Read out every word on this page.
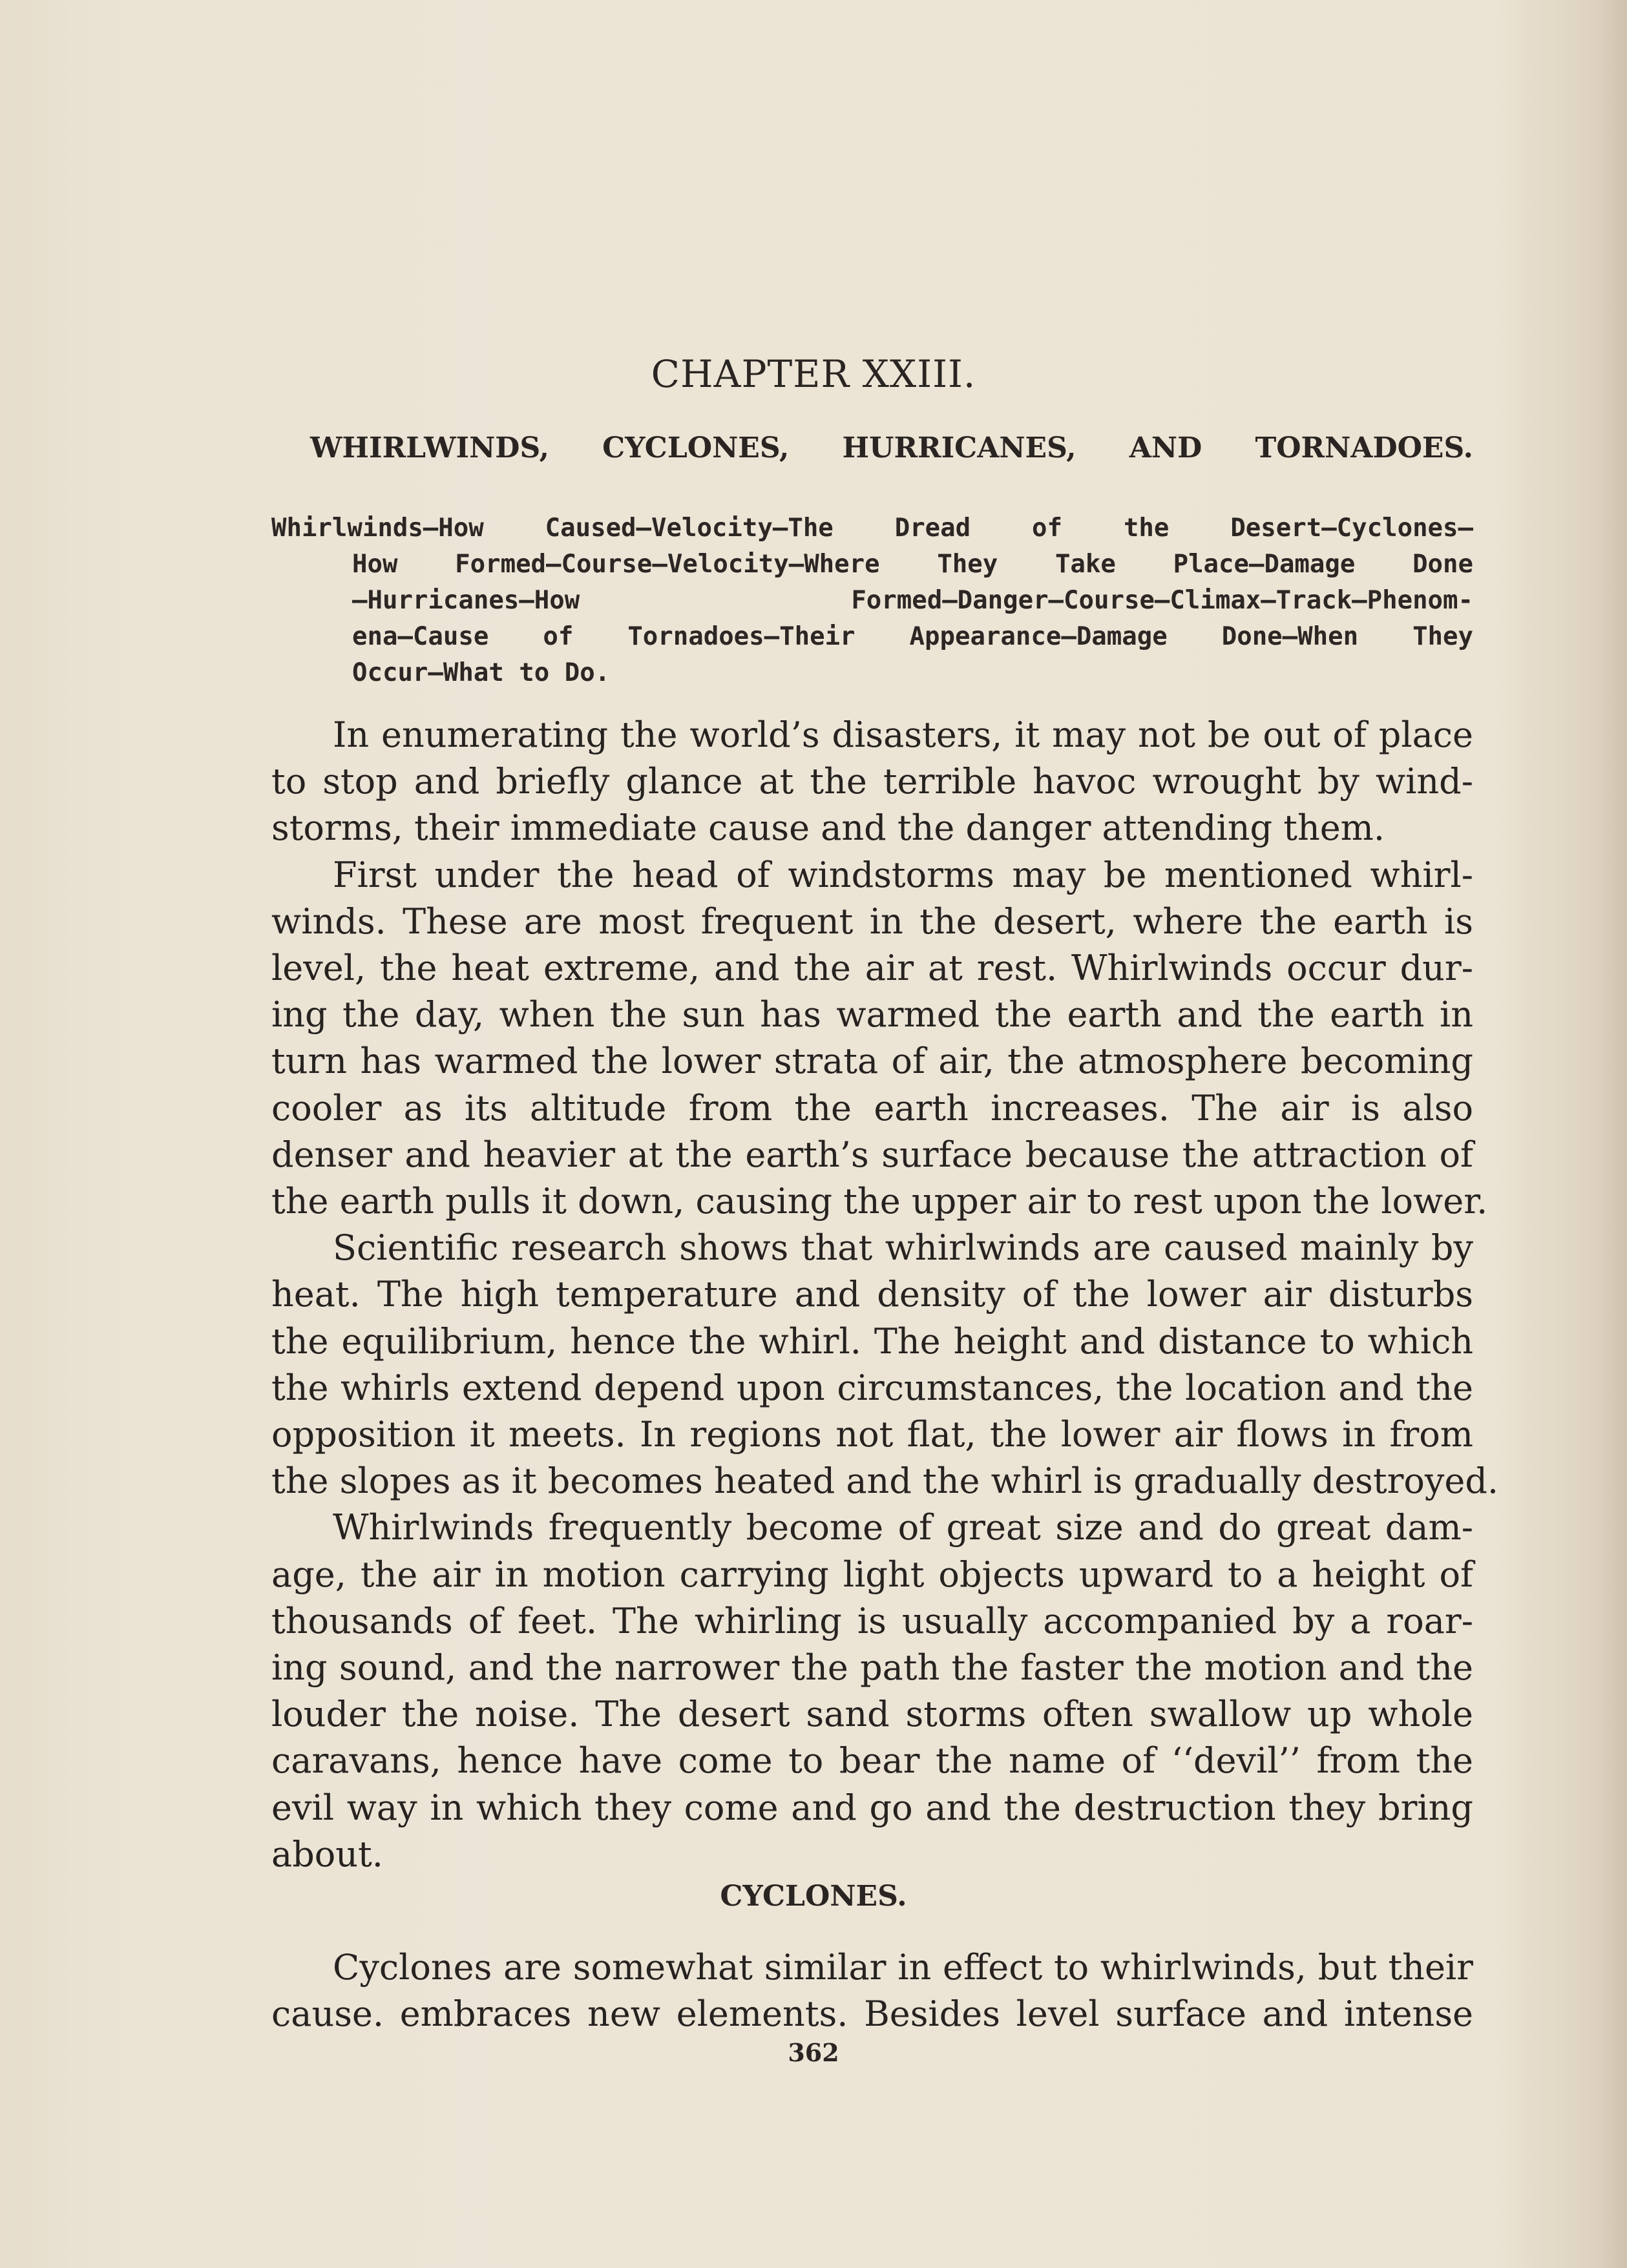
CHAPTER XXIII.
WHIRLWINDS, CYCLONES, HURRICANES, AND TORNADOES.
Whirlwinds—How Caused—Velocity—The Dread of the Desert—Cyclones—
How Formed—Course—Velocity—Where They Take Place—Damage Done
—Hurricanes—How Formed—Danger—Course—Climax—Track—Phenom-
ena—Cause of Tornadoes—Their Appearance—Damage Done—When They
Occur—What to Do.
In enumerating the world’s disasters, it may not be out of place
to stop and briefly glance at the terrible havoc wrought by wind-
storms, their immediate cause and the danger attending them.
First under the head of windstorms may be mentioned whirl-
winds. These are most frequent in the desert, where the earth is
level, the heat extreme, and the air at rest. Whirlwinds occur dur-
ing the day, when the sun has warmed the earth and the earth in
turn has warmed the lower strata of air, the atmosphere becoming
cooler as its altitude from the earth increases. The air is also
denser and heavier at the earth’s surface because the attraction of
the earth pulls it down, causing the upper air to rest upon the lower.
Scientific research shows that whirlwinds are caused mainly by
heat. The high temperature and density of the lower air disturbs
the equilibrium, hence the whirl. The height and distance to which
the whirls extend depend upon circumstances, the location and the
opposition it meets. In regions not flat, the lower air flows in from
the slopes as it becomes heated and the whirl is gradually destroyed.
Whirlwinds frequently become of great size and do great dam-
age, the air in motion carrying light objects upward to a height of
thousands of feet. The whirling is usually accompanied by a roar-
ing sound, and the narrower the path the faster the motion and the
louder the noise. The desert sand storms often swallow up whole
caravans, hence have come to bear the name of ‘‘devil’’ from the
evil way in which they come and go and the destruction they bring
about.
CYCLONES.
Cyclones are somewhat similar in effect to whirlwinds, but their
cause. embraces new elements. Besides level surface and intense
362
